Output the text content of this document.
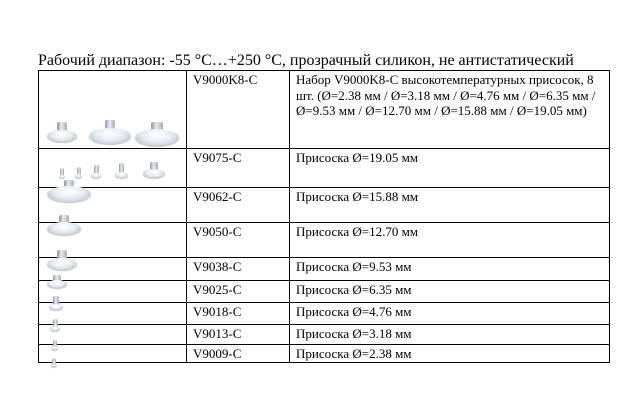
Рабочий диапазон: -55 °C…+250 °C, прозрачный силикон, не антистатический
	V9000K8-C	Набор V9000K8-C высокотемпературных присосок, 8 шт. (Ø=2.38 мм / Ø=3.18 мм / Ø=4.76 мм / Ø=6.35 мм / Ø=9.53 мм / Ø=12.70 мм / Ø=15.88 мм / Ø=19.05 мм)

	V9075-C	Присоска Ø=19.05 мм

	V9062-C	Присоска Ø=15.88 мм

	V9050-C	Присоска Ø=12.70 мм

	V9038-C	Присоска Ø=9.53 мм

	V9025-C	Присоска Ø=6.35 мм

	V9018-C	Присоска Ø=4.76 мм

	V9013-C	Присоска Ø=3.18 мм

	V9009-C	Присоска Ø=2.38 мм
